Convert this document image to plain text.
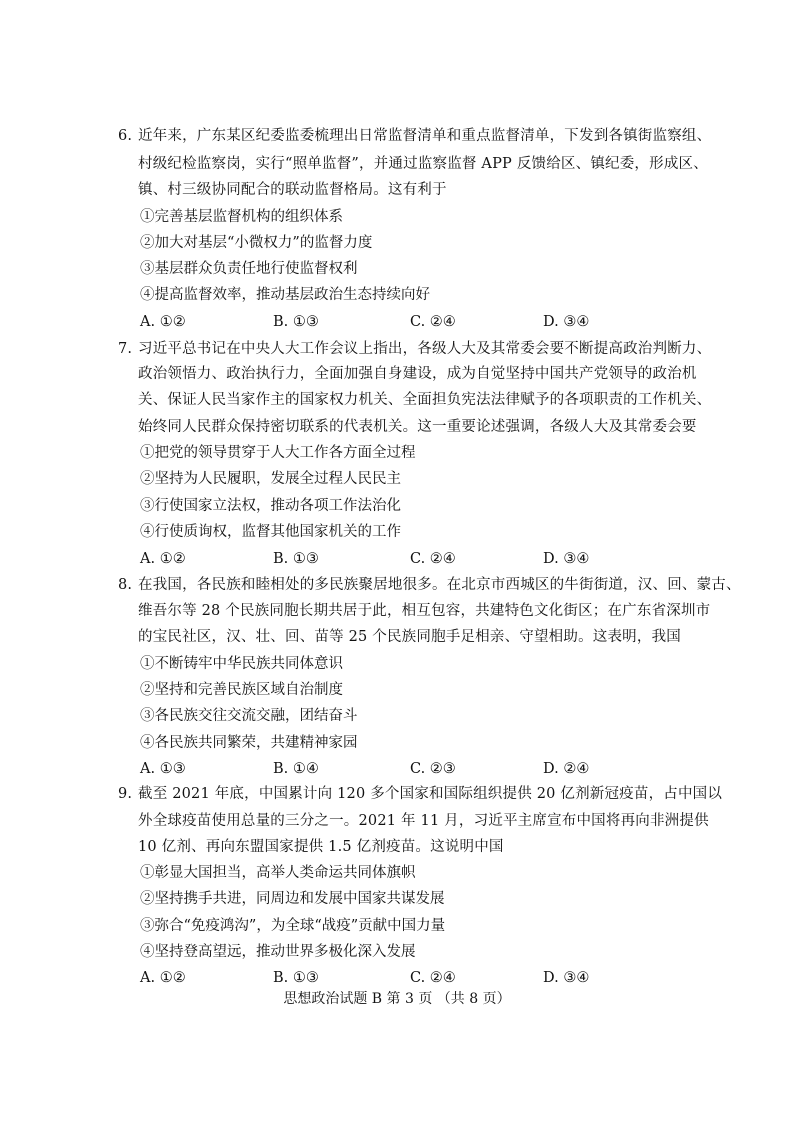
6. 近年来，广东某区纪委监委梳理出日常监督清单和重点监督清单，下发到各镇街监察组、
村级纪检监察岗，实行“照单监督”，并通过监察监督 APP 反馈给区、镇纪委，形成区、
镇、村三级协同配合的联动监督格局。这有利于
①完善基层监督机构的组织体系
②加大对基层“小微权力”的监督力度
③基层群众负责任地行使监督权利
④提高监督效率，推动基层政治生态持续向好
A. ①②	B. ①③	C. ②④	D. ③④
7. 习近平总书记在中央人大工作会议上指出，各级人大及其常委会要不断提高政治判断力、
政治领悟力、政治执行力，全面加强自身建设，成为自觉坚持中国共产党领导的政治机
关、保证人民当家作主的国家权力机关、全面担负宪法法律赋予的各项职责的工作机关、
始终同人民群众保持密切联系的代表机关。这一重要论述强调，各级人大及其常委会要
①把党的领导贯穿于人大工作各方面全过程
②坚持为人民履职，发展全过程人民民主
③行使国家立法权，推动各项工作法治化
④行使质询权，监督其他国家机关的工作
A. ①②	B. ①③	C. ②④	D. ③④
8. 在我国，各民族和睦相处的多民族聚居地很多。在北京市西城区的牛街街道，汉、回、蒙古、
维吾尔等 28 个民族同胞长期共居于此，相互包容，共建特色文化街区；在广东省深圳市
的宝民社区，汉、壮、回、苗等 25 个民族同胞手足相亲、守望相助。这表明，我国
①不断铸牢中华民族共同体意识
②坚持和完善民族区域自治制度
③各民族交往交流交融，团结奋斗
④各民族共同繁荣，共建精神家园
A. ①③	B. ①④	C. ②③	D. ②④
9. 截至 2021 年底，中国累计向 120 多个国家和国际组织提供 20 亿剂新冠疫苗，占中国以
外全球疫苗使用总量的三分之一。2021 年 11 月，习近平主席宣布中国将再向非洲提供
10 亿剂、再向东盟国家提供 1.5 亿剂疫苗。这说明中国
①彰显大国担当，高举人类命运共同体旗帜
②坚持携手共进，同周边和发展中国家共谋发展
③弥合“免疫鸿沟”，为全球“战疫”贡献中国力量
④坚持登高望远，推动世界多极化深入发展
A. ①②	B. ①③	C. ②④	D. ③④
思想政治试题 B 第 3 页 （共 8 页）
